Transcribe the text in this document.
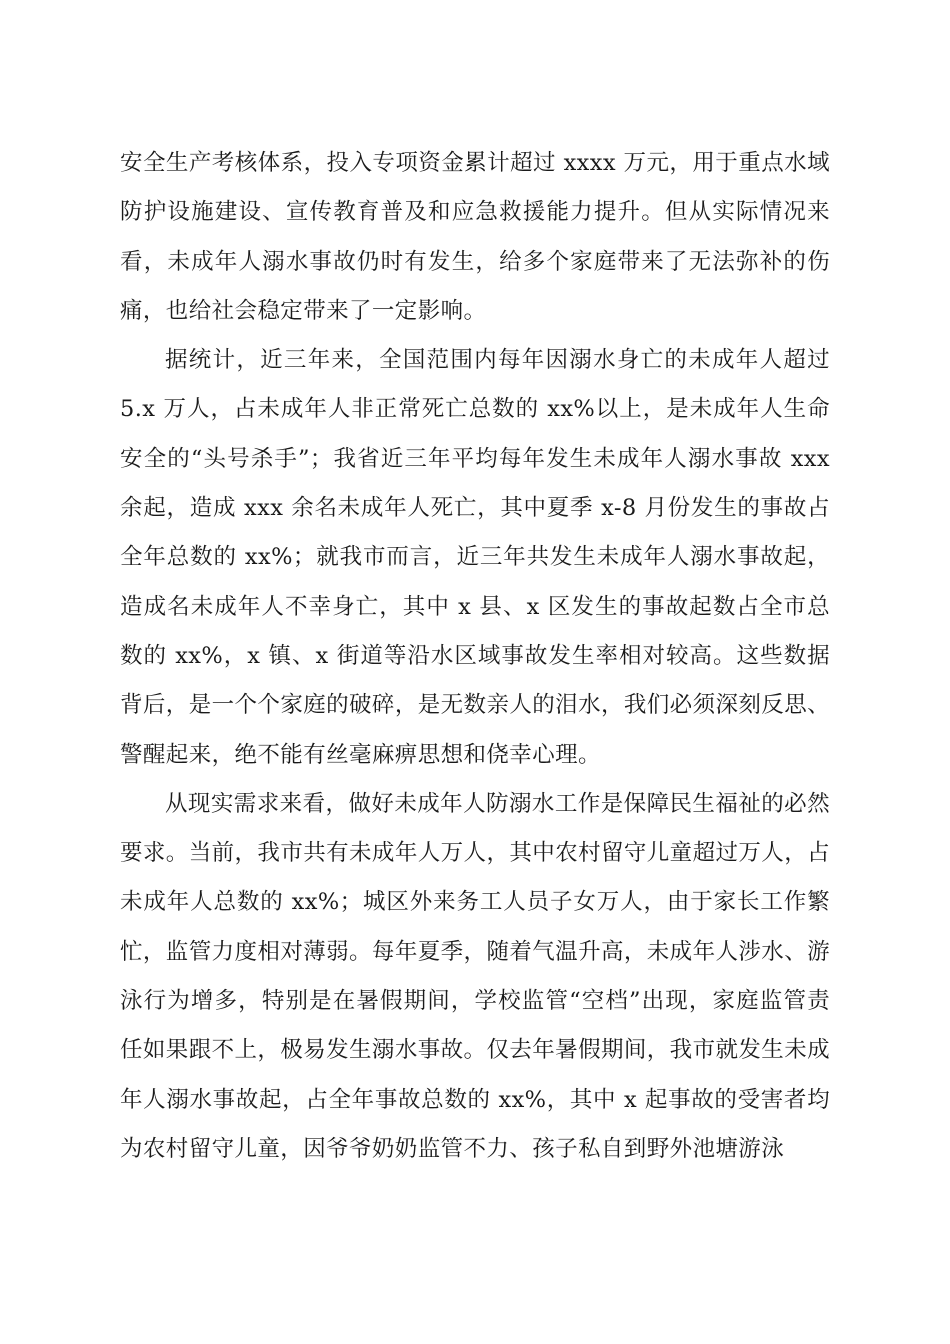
安全生产考核体系，投入专项资金累计超过 xxxx 万元，用于重点水域防护设施建设、宣传教育普及和应急救援能力提升。但从实际情况来看，未成年人溺水事故仍时有发生，给多个家庭带来了无法弥补的伤痛，也给社会稳定带来了一定影响。

据统计，近三年来，全国范围内每年因溺水身亡的未成年人超过 5.x 万人，占未成年人非正常死亡总数的 xx%以上，是未成年人生命安全的“头号杀手”；我省近三年平均每年发生未成年人溺水事故 xxx 余起，造成 xxx 余名未成年人死亡，其中夏季 x-8 月份发生的事故占全年总数的 xx%；就我市而言，近三年共发生未成年人溺水事故起，造成名未成年人不幸身亡，其中 x 县、x 区发生的事故起数占全市总数的 xx%，x 镇、x 街道等沿水区域事故发生率相对较高。这些数据背后，是一个个家庭的破碎，是无数亲人的泪水，我们必须深刻反思、警醒起来，绝不能有丝毫麻痹思想和侥幸心理。

从现实需求来看，做好未成年人防溺水工作是保障民生福祉的必然要求。当前，我市共有未成年人万人，其中农村留守儿童超过万人，占未成年人总数的 xx%；城区外来务工人员子女万人，由于家长工作繁忙，监管力度相对薄弱。每年夏季，随着气温升高，未成年人涉水、游泳行为增多，特别是在暑假期间，学校监管“空档”出现，家庭监管责任如果跟不上，极易发生溺水事故。仅去年暑假期间，我市就发生未成年人溺水事故起，占全年事故总数的 xx%，其中 x 起事故的受害者均为农村留守儿童，因爷爷奶奶监管不力、孩子私自到野外池塘游泳
